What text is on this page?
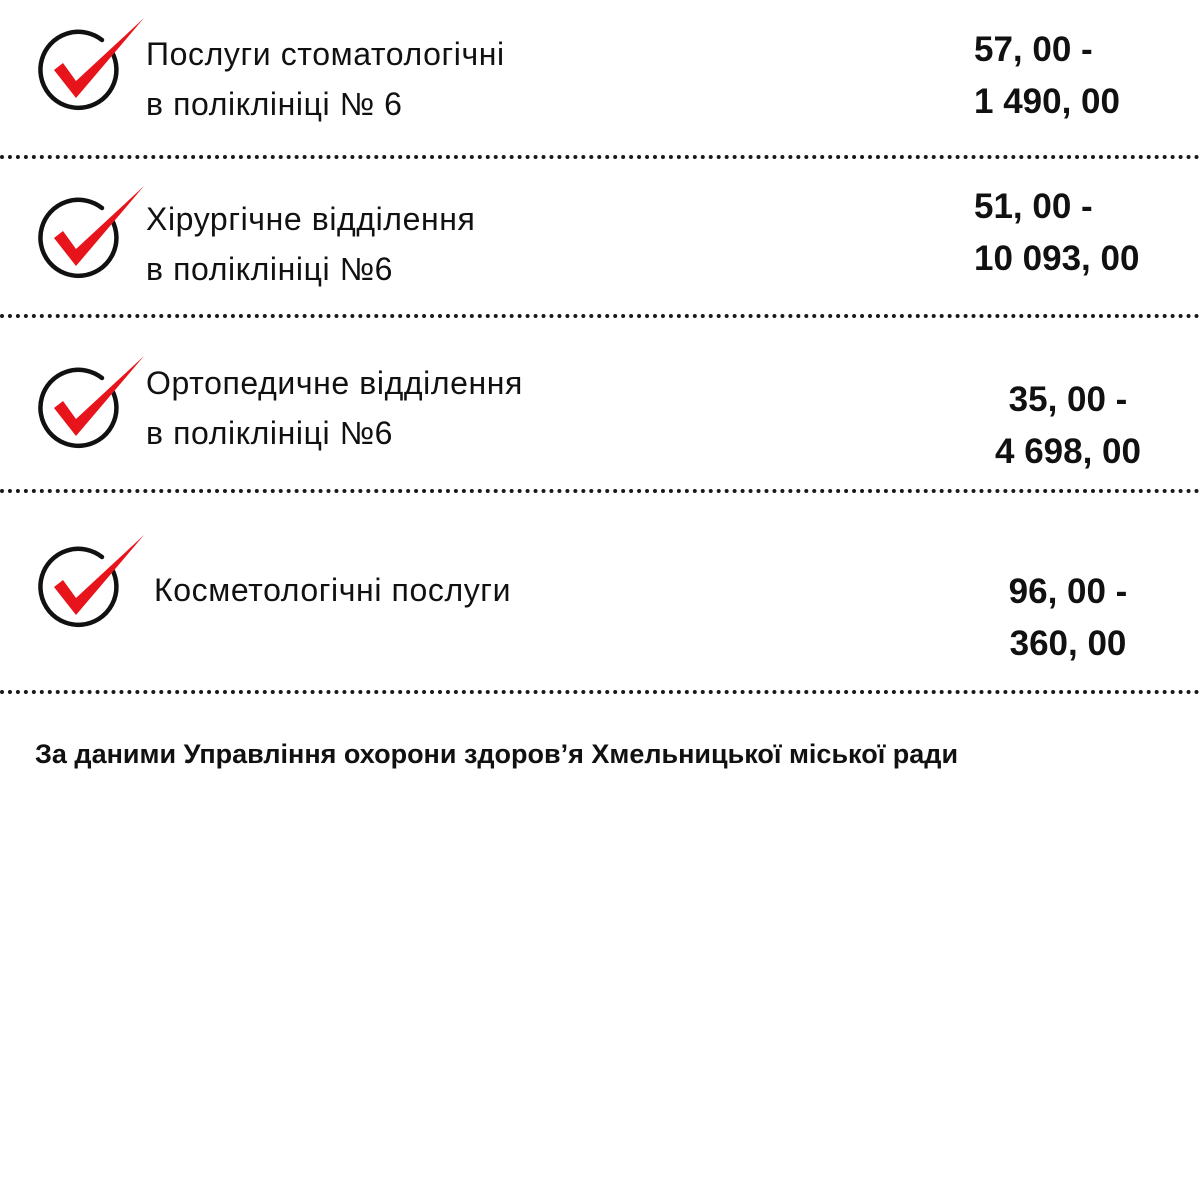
Послуги стоматологічні
в поліклініці № 6
57, 00 -
1 490, 00
Хірургічне відділення
в поліклініці №6
51, 00 -
10 093, 00
Ортопедичне відділення
в поліклініці №6
35, 00 -
4 698, 00
Косметологічні послуги	96, 00 -
360, 00
За даними Управління охорони здоров’я Хмельницької міської ради
